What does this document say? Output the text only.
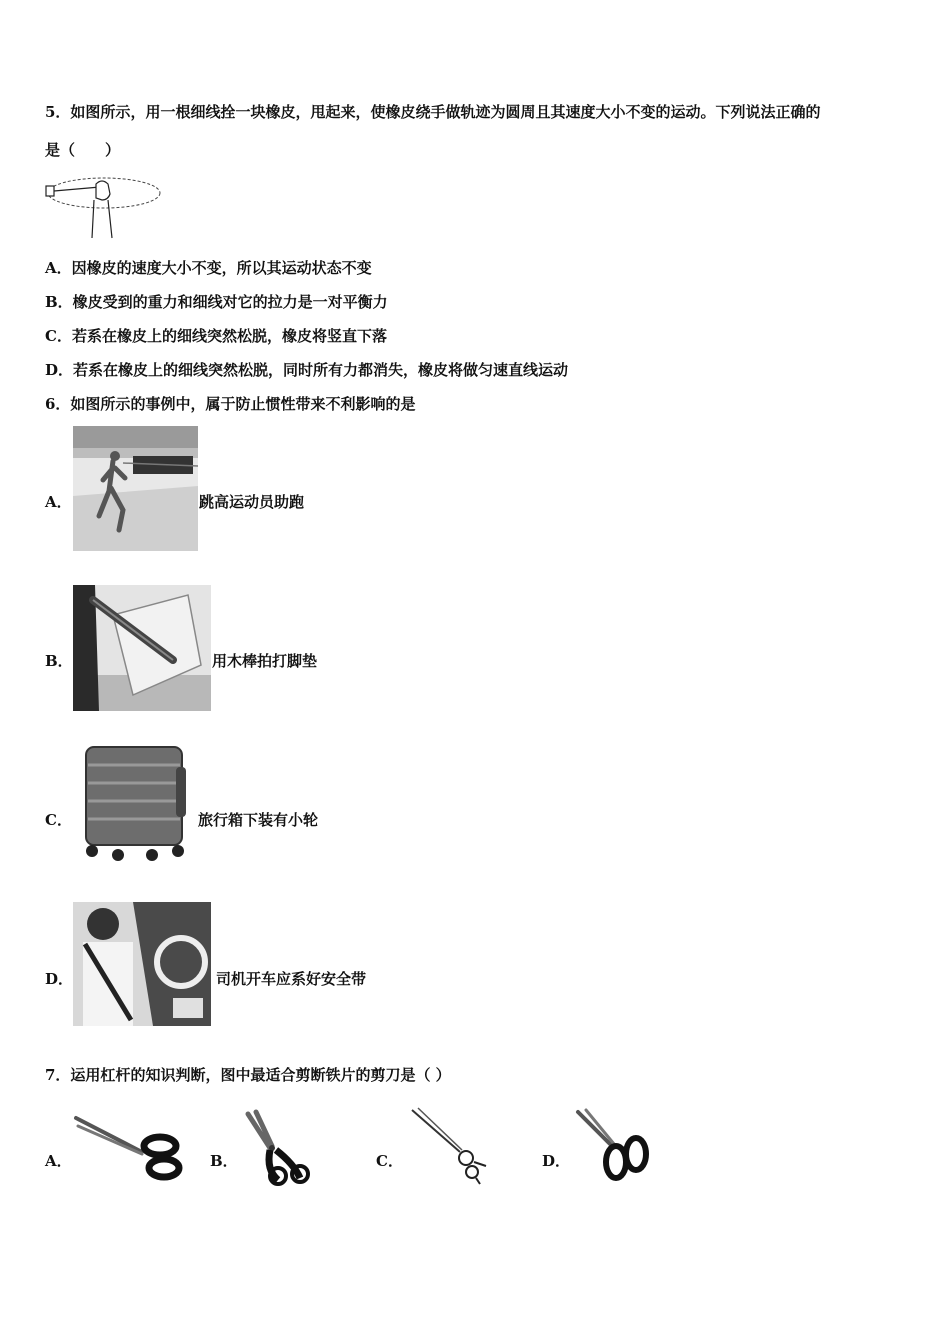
5．如图所示，用一根细线拴一块橡皮，甩起来，使橡皮绕手做轨迹为圆周且其速度大小不变的运动。下列说法正确的
是（　　）
A．因橡皮的速度大小不变，所以其运动状态不变
B．橡皮受到的重力和细线对它的拉力是一对平衡力
C．若系在橡皮上的细线突然松脱，橡皮将竖直下落
D．若系在橡皮上的细线突然松脱，同时所有力都消失，橡皮将做匀速直线运动
6．如图所示的事例中，属于防止惯性带来不利影响的是
A．	跳高运动员助跑
B．	用木棒拍打脚垫
C．	旅行箱下装有小轮
D．	司机开车应系好安全带
7．运用杠杆的知识判断，图中最适合剪断铁片的剪刀是（ ）
A．	B．	C．	D．
